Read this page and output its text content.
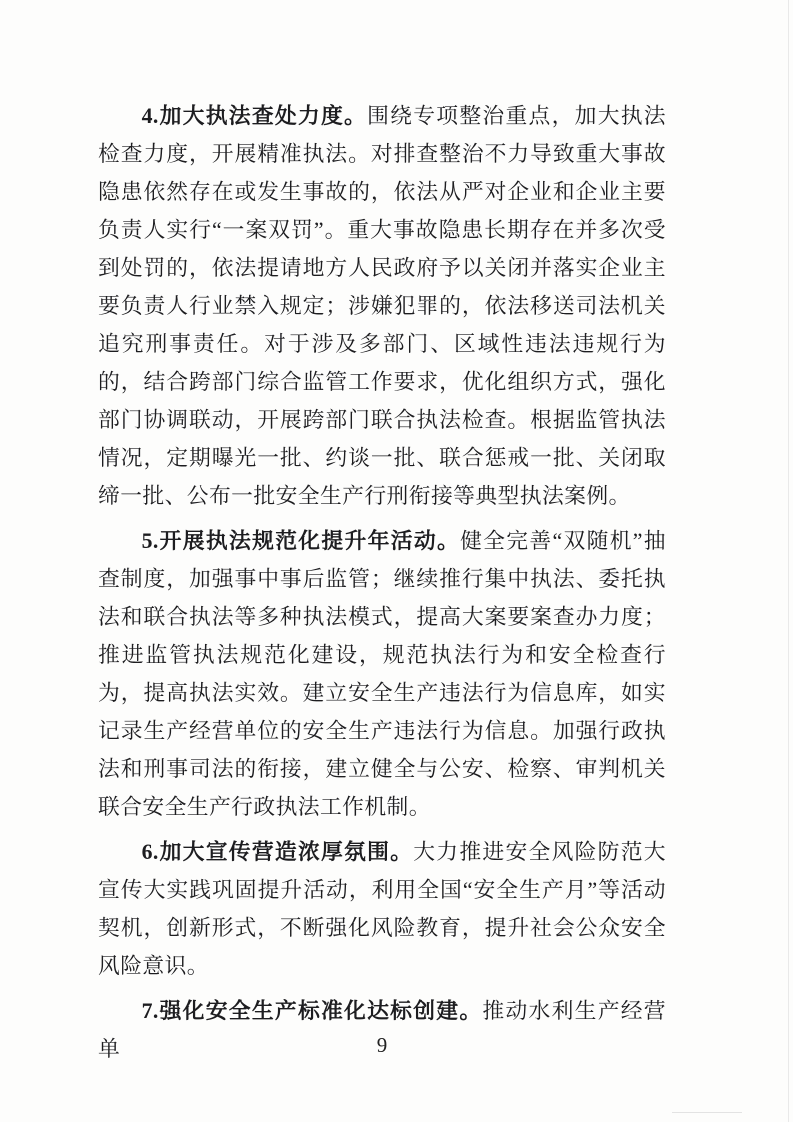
4.加大执法查处力度。围绕专项整治重点，加大执法检查力度，开展精准执法。对排查整治不力导致重大事故隐患依然存在或发生事故的，依法从严对企业和企业主要负责人实行“一案双罚”。重大事故隐患长期存在并多次受到处罚的，依法提请地方人民政府予以关闭并落实企业主要负责人行业禁入规定；涉嫌犯罪的，依法移送司法机关追究刑事责任。对于涉及多部门、区域性违法违规行为的，结合跨部门综合监管工作要求，优化组织方式，强化部门协调联动，开展跨部门联合执法检查。根据监管执法情况，定期曝光一批、约谈一批、联合惩戒一批、关闭取缔一批、公布一批安全生产行刑衔接等典型执法案例。

5.开展执法规范化提升年活动。健全完善“双随机”抽查制度，加强事中事后监管；继续推行集中执法、委托执法和联合执法等多种执法模式，提高大案要案查办力度；推进监管执法规范化建设，规范执法行为和安全检查行为，提高执法实效。建立安全生产违法行为信息库，如实记录生产经营单位的安全生产违法行为信息。加强行政执法和刑事司法的衔接，建立健全与公安、检察、审判机关联合安全生产行政执法工作机制。

6.加大宣传营造浓厚氛围。大力推进安全风险防范大宣传大实践巩固提升活动，利用全国“安全生产月”等活动契机，创新形式，不断强化风险教育，提升社会公众安全风险意识。

7.强化安全生产标准化达标创建。推动水利生产经营单	9
